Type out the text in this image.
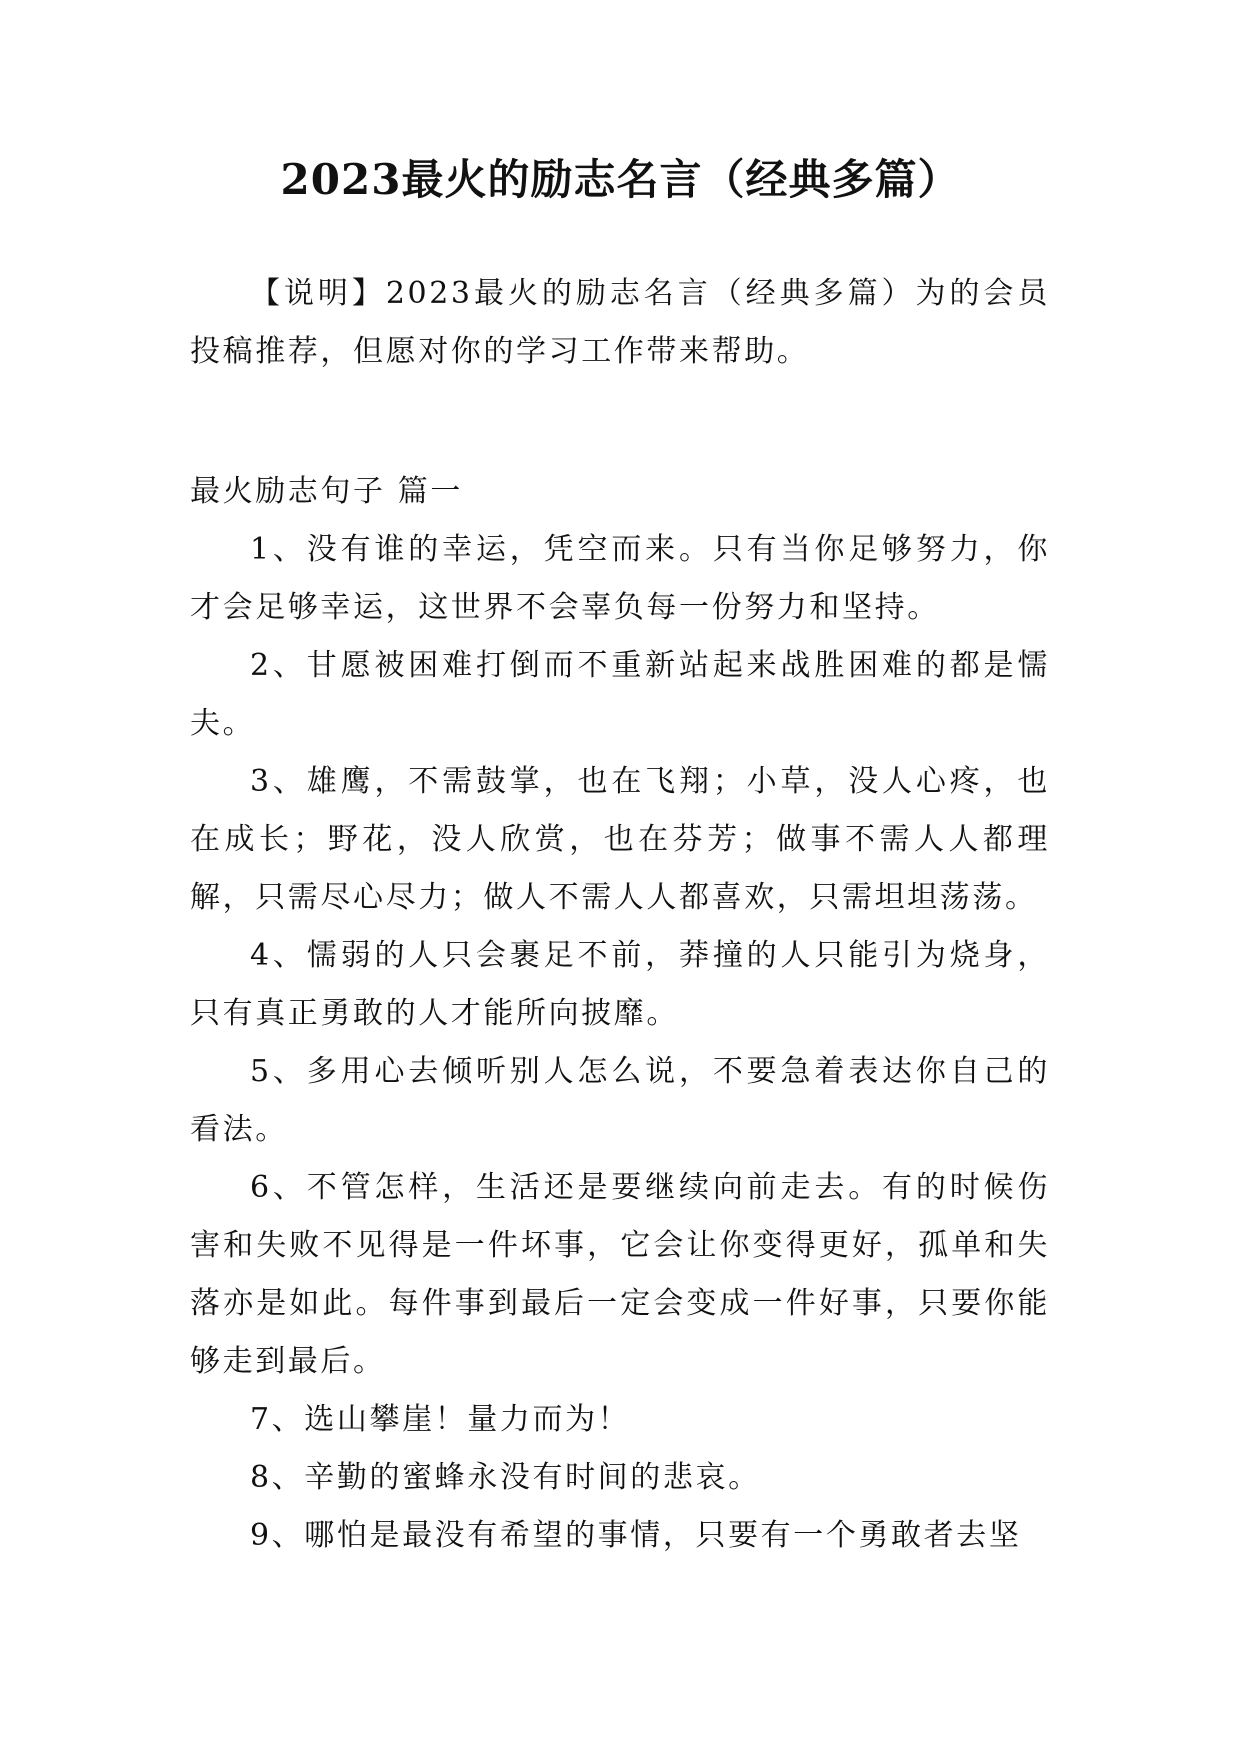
2023最火的励志名言（经典多篇）

【说明】2023最火的励志名言（经典多篇）为的会员投稿推荐，但愿对你的学习工作带来帮助。

最火励志句子 篇一

1、没有谁的幸运，凭空而来。只有当你足够努力，你才会足够幸运，这世界不会辜负每一份努力和坚持。

2、甘愿被困难打倒而不重新站起来战胜困难的都是懦夫。

3、雄鹰，不需鼓掌，也在飞翔；小草，没人心疼，也在成长；野花，没人欣赏，也在芬芳；做事不需人人都理解，只需尽心尽力；做人不需人人都喜欢，只需坦坦荡荡。

4、懦弱的人只会裹足不前，莽撞的人只能引为烧身，只有真正勇敢的人才能所向披靡。

5、多用心去倾听别人怎么说，不要急着表达你自己的看法。

6、不管怎样，生活还是要继续向前走去。有的时候伤害和失败不见得是一件坏事，它会让你变得更好，孤单和失落亦是如此。每件事到最后一定会变成一件好事，只要你能够走到最后。

7、选山攀崖！量力而为！

8、辛勤的蜜蜂永没有时间的悲哀。

9、哪怕是最没有希望的事情，只要有一个勇敢者去坚
